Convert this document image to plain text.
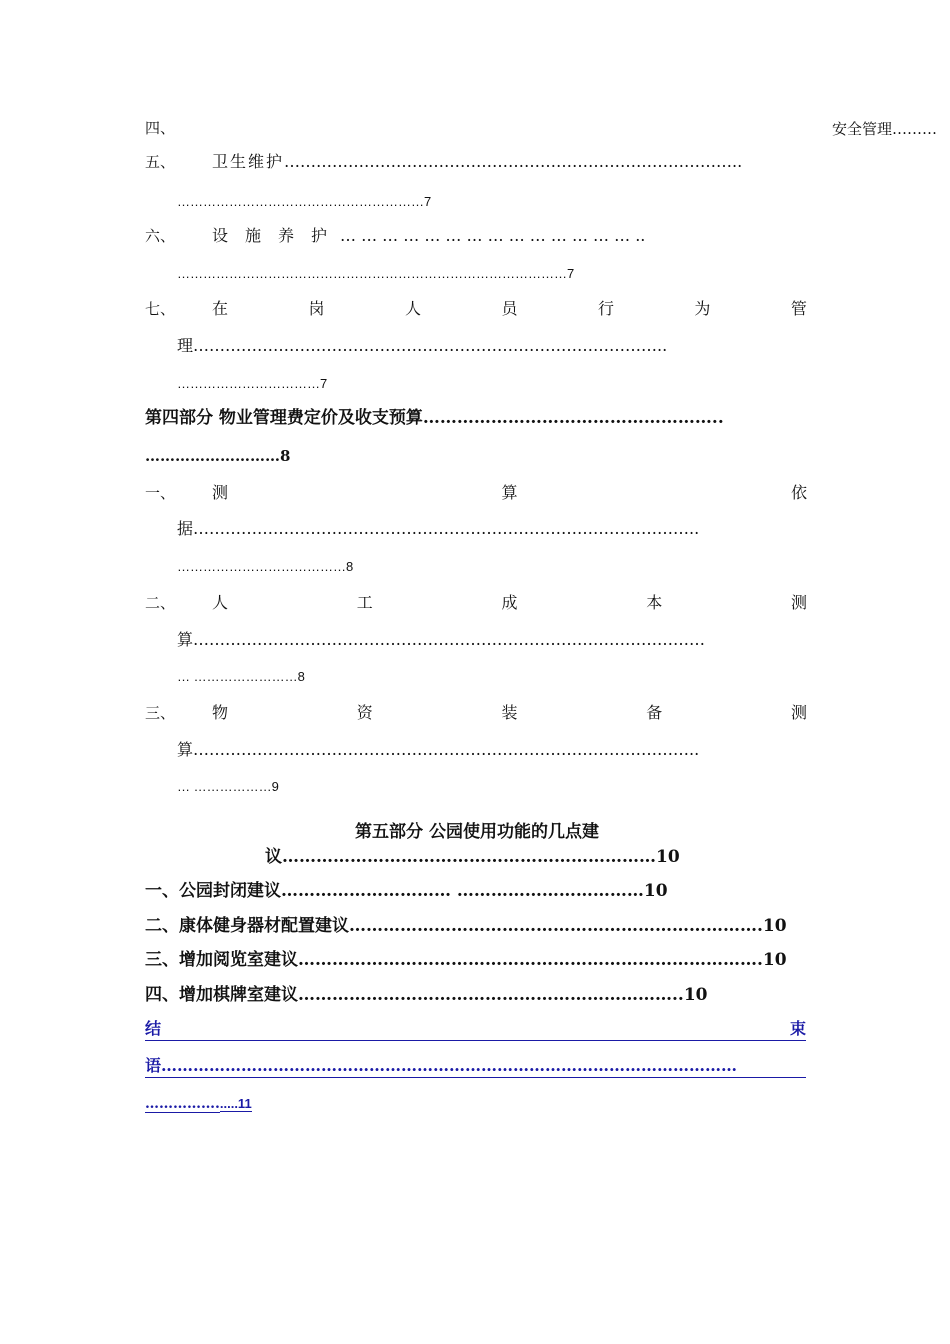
四、	安全管理………
五、 卫生维护…………………………………………………………………………..
…………………………………………………7
六、 设 施 养 护 … … … … … … … … … … … … … … ..
………………………………………………………………………………7
七、 在	岗	人	员	行	为	管
理……………………………………………………………………………..
……………………………7
第四部分 物业管理费定价及收支预算……………………………………………..
………………………8
一、 测	算	依
据…………………………………………………………………………………..
…………………………………8
二、 人	工	成	本	测
算……………………………………………………………………………………
… ……………………8
三、 物	资	装	备	测
算…………………………………………………………………………………..
… ………………9
第五部分 公园使用功能的几点建
议…………………………………………………………10
一、公园封闭建议………………………… ……………………………10
二、康体健身器材配置建议……………………………………………………………….10
三、增加阅览室建议……………………………………………………………………….10
四、增加棋牌室建议…………………………………………………………..10
结	束
语………………………………………………………………………………………………
……………......11
